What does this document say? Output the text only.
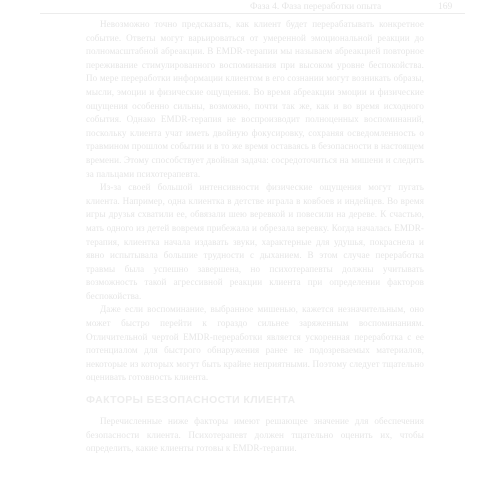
Фаза 4. Фаза переработки опыта	169

Невозможно точно предсказать, как клиент будет перерабатывать конкретное событие. Ответы могут варьироваться от умеренной эмоциональной реакции до полномасштабной абреакции. В EMDR-терапии мы называем абреакцией повторное переживание стимулированного воспоминания при высоком уровне беспокойства. По мере переработки информации клиентом в его сознании могут возникать образы, мысли, эмоции и физические ощущения. Во время абреакции эмоции и физические ощущения особенно сильны, возможно, почти так же, как и во время исходного события. Однако EMDR-терапия не воспроизводит полноценных воспоминаний, поскольку клиента учат иметь двойную фокусировку, сохраняя осведомленность о травмином прошлом событии и в то же время оставаясь в безопасности в настоящем времени. Этому способствует двойная задача: сосредоточиться на мишени и следить за пальцами психотерапевта.

Из-за своей большой интенсивности физические ощущения могут пугать клиента. Например, одна клиентка в детстве играла в ковбоев и индейцев. Во время игры друзья схватили ее, обвязали шею веревкой и повесили на дереве. К счастью, мать одного из детей вовремя прибежала и обрезала веревку. Когда началась EMDR-терапия, клиентка начала издавать звуки, характерные для удушья, покраснела и явно испытывала большие трудности с дыханием. В этом случае переработка травмы была успешно завершена, но психотерапевты должны учитывать возможность такой агрессивной реакции клиента при определении факторов беспокойства.

Даже если воспоминание, выбранное мишенью, кажется незначительным, оно может быстро перейти к гораздо сильнее заряженным воспоминаниям. Отличительной чертой EMDR-переработки является ускоренная переработка с ее потенциалом для быстрого обнаружения ранее не подозреваемых материалов, некоторые из которых могут быть крайне неприятными. Поэтому следует тщательно оценивать готовность клиента.

ФАКТОРЫ БЕЗОПАСНОСТИ КЛИЕНТА

Перечисленные ниже факторы имеют решающее значение для обеспечения безопасности клиента. Психотерапевт должен тщательно оценить их, чтобы определить, какие клиенты готовы к EMDR-терапии.
